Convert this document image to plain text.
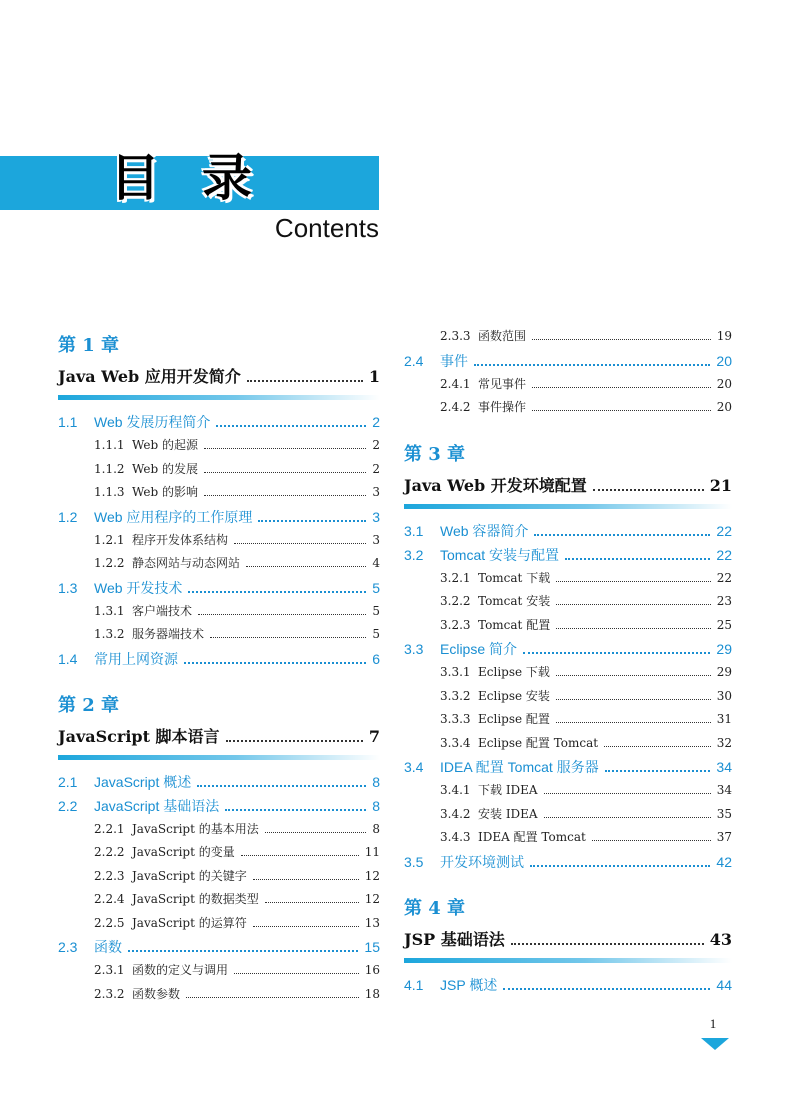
目录
Contents
第 1 章
Java Web 应用开发简介	1
1.1	Web 发展历程简介	2
1.1.1 Web 的起源	2
1.1.2 Web 的发展	2
1.1.3 Web 的影响	3
1.2	Web 应用程序的工作原理	3
1.2.1 程序开发体系结构	3
1.2.2 静态网站与动态网站	4
1.3	Web 开发技术	5
1.3.1 客户端技术	5
1.3.2 服务器端技术	5
1.4	常用上网资源	6
第 2 章
JavaScript 脚本语言	7
2.1	JavaScript 概述	8
2.2	JavaScript 基础语法	8
2.2.1 JavaScript 的基本用法	8
2.2.2 JavaScript 的变量	11
2.2.3 JavaScript 的关键字	12
2.2.4 JavaScript 的数据类型	12
2.2.5 JavaScript 的运算符	13
2.3	函数	15
2.3.1 函数的定义与调用	16
2.3.2 函数参数	18
2.3.3 函数范围	19
2.4	事件	20
2.4.1 常见事件	20
2.4.2 事件操作	20
第 3 章
Java Web 开发环境配置	21
3.1	Web 容器简介	22
3.2	Tomcat 安装与配置	22
3.2.1 Tomcat 下载	22
3.2.2 Tomcat 安装	23
3.2.3 Tomcat 配置	25
3.3	Eclipse 简介	29
3.3.1 Eclipse 下载	29
3.3.2 Eclipse 安装	30
3.3.3 Eclipse 配置	31
3.3.4 Eclipse 配置 Tomcat	32
3.4	IDEA 配置 Tomcat 服务器	34
3.4.1 下载 IDEA	34
3.4.2 安装 IDEA	35
3.4.3 IDEA 配置 Tomcat	37
3.5	开发环境测试	42
第 4 章
JSP 基础语法	43
4.1	JSP 概述	44
1
